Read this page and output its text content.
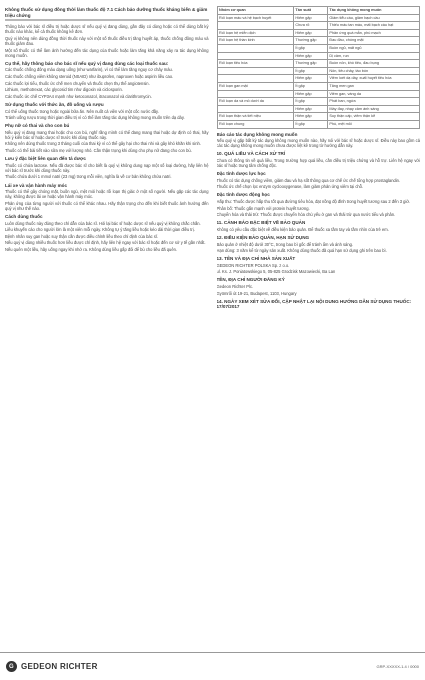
Không thuốc sử dụng đồng thời làm thuốc độ 7.1 Cách bảo dưỡng thuốc kháng biến & giảm triệu chứng
Thông báo với bác sĩ điều trị hoặc dược sĩ nếu quý vị đang dùng, gần đây có dùng hoặc có thể dùng bất kỳ thuốc nào khác, kể cả thuốc không kê đơn.
Quý vị không nên dùng đồng thời thuốc này với một số thuốc điều trị tăng huyết áp, thuốc chống đông máu và thuốc giảm đau.
Một số thuốc có thể làm ảnh hưởng đến tác dụng của thuốc hoặc làm tăng khả năng xảy ra tác dụng không mong muốn.
Cụ thể, hãy thông báo cho bác sĩ nếu quý vị đang dùng các loại thuốc sau:
Các thuốc chống đông máu dạng uống (như warfarin), vì có thể làm tăng nguy cơ chảy máu.
Các thuốc chống viêm không steroid (NSAID) như ibuprofen, naproxen hoặc aspirin liều cao.
Các thuốc lợi tiểu, thuốc ức chế men chuyển và thuốc chẹn thụ thể angiotensin.
Lithium, methotrexat, các glycosid tim như digoxin và ciclosporin.
Các thuốc ức chế CYP3A4 mạnh như ketoconazol, itraconazol và clarithromycin.
Sử dụng thuốc với thức ăn, đồ uống và rượu
Có thể uống thuốc trong hoặc ngoài bữa ăn. Nên nuốt cả viên với một cốc nước đầy.
Tránh uống rượu trong thời gian điều trị vì có thể làm tăng tác dụng không mong muốn trên dạ dày.
Phụ nữ có thai và cho con bú
Nếu quý vị đang mang thai hoặc cho con bú, nghĩ rằng mình có thể đang mang thai hoặc dự định có thai, hãy hỏi ý kiến bác sĩ hoặc dược sĩ trước khi dùng thuốc này.
Không nên dùng thuốc trong 3 tháng cuối của thai kỳ vì có thể gây hại cho thai nhi và gây khó khăn khi sinh.
Thuốc có thể bài tiết vào sữa mẹ với lượng nhỏ. Cần thận trọng khi dùng cho phụ nữ đang cho con bú.
Lưu ý đặc biệt liên quan đến tá dược
Thuốc có chứa lactose. Nếu đã được bác sĩ cho biết là quý vị không dung nạp một số loại đường, hãy liên hệ với bác sĩ trước khi dùng thuốc này.
Thuốc chứa dưới 1 mmol natri (23 mg) trong mỗi viên, nghĩa là về cơ bản không chứa natri.
Lái xe và vận hành máy móc
Thuốc có thể gây chóng mặt, buồn ngủ, mệt mỏi hoặc rối loạn thị giác ở một số người. Nếu gặp các tác dụng này, không được lái xe hoặc vận hành máy móc.
Phản ứng của từng người với thuốc có thể khác nhau. Hãy thận trọng cho đến khi biết thuốc ảnh hưởng đến quý vị như thế nào.
Cách dùng thuốc
Luôn dùng thuốc này đúng theo chỉ dẫn của bác sĩ. Hỏi lại bác sĩ hoặc dược sĩ nếu quý vị không chắc chắn.
Liều khuyến cáo cho người lớn là một viên mỗi ngày. Không tự ý tăng liều hoặc kéo dài thời gian điều trị.
Bệnh nhân suy gan hoặc suy thận cần được điều chỉnh liều theo chỉ định của bác sĩ.
Nếu quý vị dùng nhiều thuốc hơn liều được chỉ định, hãy liên hệ ngay với bác sĩ hoặc đến cơ sở y tế gần nhất.
Nếu quên một liều, hãy uống ngay khi nhớ ra. Không dùng liều gấp đôi để bù cho liều đã quên.
Nhóm cơ quan	Tần suất	Tác dụng không mong muốn
Rối loạn máu và hệ bạch huyết	Hiếm gặp	Giảm tiểu cầu, giảm bạch cầu
	Chưa rõ	Thiếu máu tan máu, mất bạch cầu hạt
Rối loạn hệ miễn dịch	Hiếm gặp	Phản ứng quá mẫn, phù mạch
Rối loạn hệ thần kinh	Thường gặp	Đau đầu, chóng mặt
	Ít gặp	Buồn ngủ, mất ngủ
	Hiếm gặp	Dị cảm, run
Rối loạn tiêu hóa	Thường gặp	Buồn nôn, khó tiêu, đau bụng
	Ít gặp	Nôn, tiêu chảy, táo bón
	Hiếm gặp	Viêm loét dạ dày, xuất huyết tiêu hóa
Rối loạn gan mật	Ít gặp	Tăng men gan
	Hiếm gặp	Viêm gan, vàng da
Rối loạn da và mô dưới da	Ít gặp	Phát ban, ngứa
	Hiếm gặp	Mày đay, nhạy cảm ánh sáng
Rối loạn thận và tiết niệu	Hiếm gặp	Suy thận cấp, viêm thận kẽ
Rối loạn chung	Ít gặp	Phù, mệt mỏi
Báo cáo tác dụng không mong muốn
Nếu quý vị gặp bất kỳ tác dụng không mong muốn nào, hãy nói với bác sĩ hoặc dược sĩ. Điều này bao gồm cả các tác dụng không mong muốn chưa được liệt kê trong tờ hướng dẫn này.
10. QUÁ LIỀU VÀ CÁCH XỬ TRÍ
Chưa có thông tin về quá liều. Trong trường hợp quá liều, cần điều trị triệu chứng và hỗ trợ. Liên hệ ngay với bác sĩ hoặc trung tâm chống độc.
Đặc tính dược lực học
Thuốc có tác dụng chống viêm, giảm đau và hạ sốt thông qua cơ chế ức chế tổng hợp prostaglandin.
Thuốc ức chế chọn lọc enzym cyclooxygenase, làm giảm phản ứng viêm tại chỗ.
Đặc tính dược động học
Hấp thu: Thuốc được hấp thu tốt qua đường tiêu hóa, đạt nồng độ đỉnh trong huyết tương sau 2 đến 3 giờ.
Phân bố: Thuốc gắn mạnh với protein huyết tương.
Chuyển hóa và thải trừ: Thuốc được chuyển hóa chủ yếu ở gan và thải trừ qua nước tiểu và phân.
11. CẢNH BÁO ĐẶC BIỆT VỀ BẢO QUẢN
Không có yêu cầu đặc biệt về điều kiện bảo quản. Để thuốc xa tầm tay và tầm nhìn của trẻ em.
12. ĐIỀU KIỆN BẢO QUẢN, HẠN SỬ DỤNG
Bảo quản ở nhiệt độ dưới 30°C, trong bao bì gốc để tránh ẩm và ánh sáng.
Hạn dùng: 3 năm kể từ ngày sản xuất. Không dùng thuốc đã quá hạn sử dụng ghi trên bao bì.
13. TÊN VÀ ĐỊA CHỈ NHÀ SẢN XUẤT
GEDEON RICHTER POLSKA Sp. z o.o.
ul. Ks. J. Poniatowskiego 5, 05-825 Grodzisk Mazowiecki, Ba Lan
TÊN, ĐỊA CHỈ NGƯỜI ĐĂNG KÝ
Gedeon Richter Plc.
Gyömrői út 19-21, Budapest, 1103, Hungary
14. NGÀY XEM XÉT SỬA ĐỔI, CẬP NHẬT LẠI NỘI DUNG HƯỚNG DẪN SỬ DỤNG THUỐC: 17/07/2017
G GEDEON RICHTER	GRP-XXXXX-1.4 / 0000
